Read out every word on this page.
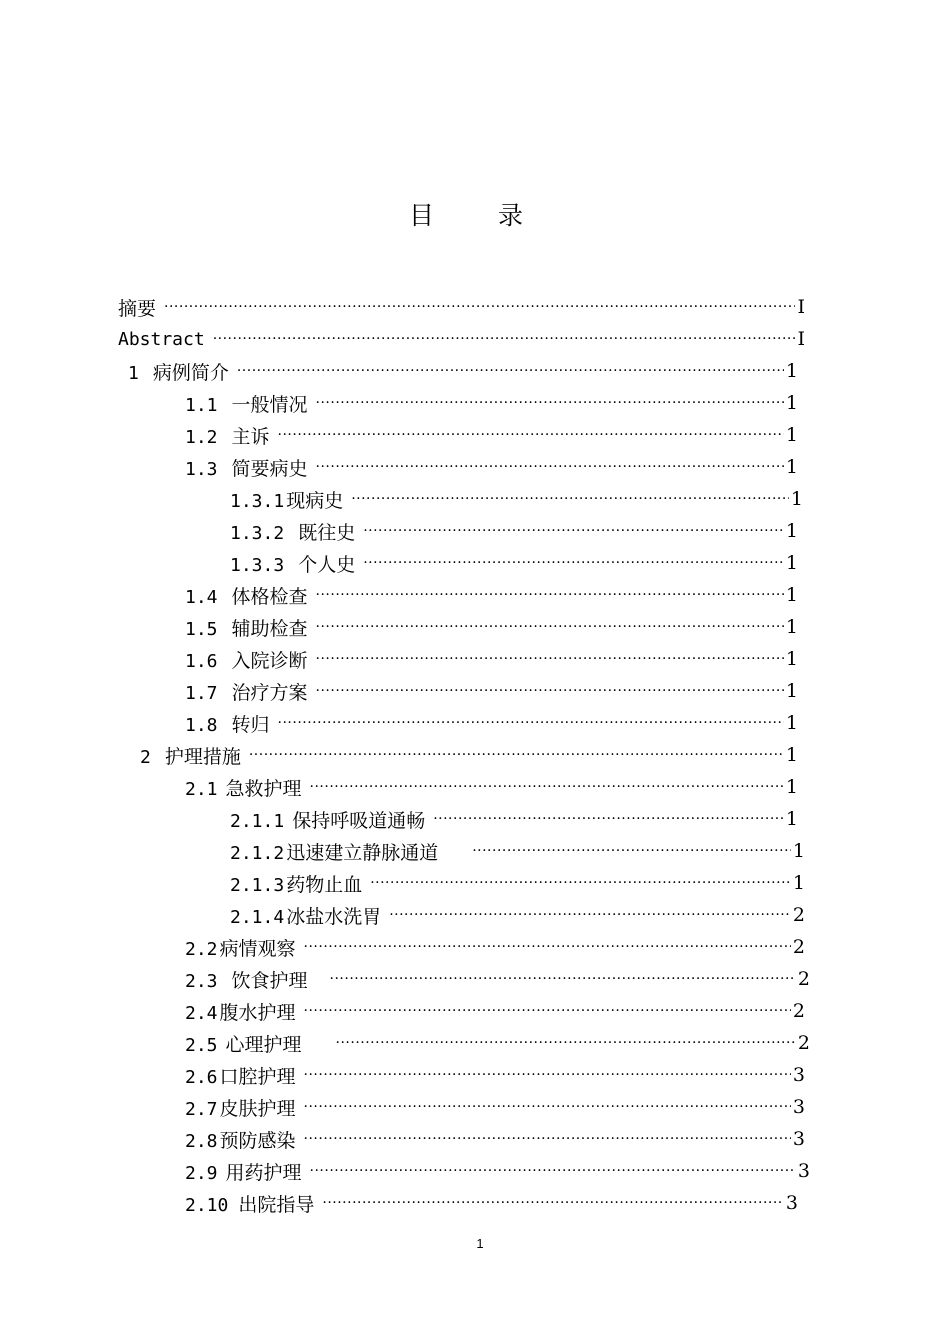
目 录
摘要 ·····	I
Abstract ·····	I
1 病例简介 ·····	1
1.1 一般情况 ·····	1
1.2 主诉 ·····	1
1.3 简要病史 ·····	1
1.3.1 现病史 ·····	1
1.3.2 既往史 ·····	1
1.3.3 个人史 ·····	1
1.4 体格检查 ·····	1
1.5 辅助检查 ·····	1
1.6 入院诊断 ·····	1
1.7 治疗方案 ·····	1
1.8 转归 ·····	1
2 护理措施 ·····	1
2.1 急救护理 ·····	1
2.1.1 保持呼吸道通畅 ·····	1
2.1.2 迅速建立静脉通道 ·····	1
2.1.3 药物止血 ·····	1
2.1.4 冰盐水洗胃 ·····	2
2.2 病情观察 ·····	2
2.3 饮食护理 ·····	2
2.4 腹水护理 ·····	2
2.5 心理护理 ·····	2
2.6 口腔护理 ·····	3
2.7 皮肤护理 ·····	3
2.8 预防感染 ·····	3
2.9 用药护理 ·····	3
2.10 出院指导 ·····	3
1
